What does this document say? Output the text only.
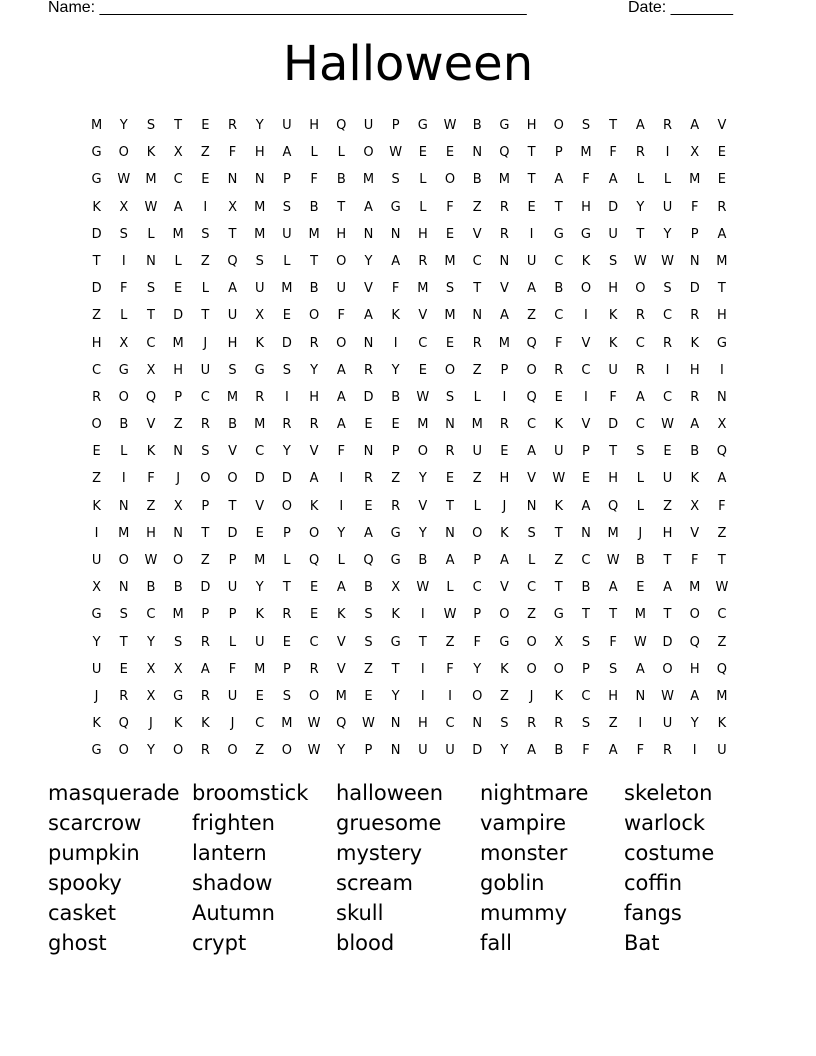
Name: ________________________________________________	Date: _______
Halloween
M	Y	S	T	E	R	Y	U	H	Q	U	P	G	W	B	G	H	O	S	T	A	R	A	V
G	O	K	X	Z	F	H	A	L	L	O	W	E	E	N	Q	T	P	M	F	R	I	X	E
G	W	M	C	E	N	N	P	F	B	M	S	L	O	B	M	T	A	F	A	L	L	M	E
K	X	W	A	I	X	M	S	B	T	A	G	L	F	Z	R	E	T	H	D	Y	U	F	R
D	S	L	M	S	T	M	U	M	H	N	N	H	E	V	R	I	G	G	U	T	Y	P	A
T	I	N	L	Z	Q	S	L	T	O	Y	A	R	M	C	N	U	C	K	S	W	W	N	M
D	F	S	E	L	A	U	M	B	U	V	F	M	S	T	V	A	B	O	H	O	S	D	T
Z	L	T	D	T	U	X	E	O	F	A	K	V	M	N	A	Z	C	I	K	R	C	R	H
H	X	C	M	J	H	K	D	R	O	N	I	C	E	R	M	Q	F	V	K	C	R	K	G
C	G	X	H	U	S	G	S	Y	A	R	Y	E	O	Z	P	O	R	C	U	R	I	H	I
R	O	Q	P	C	M	R	I	H	A	D	B	W	S	L	I	Q	E	I	F	A	C	R	N
O	B	V	Z	R	B	M	R	R	A	E	E	M	N	M	R	C	K	V	D	C	W	A	X
E	L	K	N	S	V	C	Y	V	F	N	P	O	R	U	E	A	U	P	T	S	E	B	Q
Z	I	F	J	O	O	D	D	A	I	R	Z	Y	E	Z	H	V	W	E	H	L	U	K	A
K	N	Z	X	P	T	V	O	K	I	E	R	V	T	L	J	N	K	A	Q	L	Z	X	F
I	M	H	N	T	D	E	P	O	Y	A	G	Y	N	O	K	S	T	N	M	J	H	V	Z
U	O	W	O	Z	P	M	L	Q	L	Q	G	B	A	P	A	L	Z	C	W	B	T	F	T
X	N	B	B	D	U	Y	T	E	A	B	X	W	L	C	V	C	T	B	A	E	A	M	W
G	S	C	M	P	P	K	R	E	K	S	K	I	W	P	O	Z	G	T	T	M	T	O	C
Y	T	Y	S	R	L	U	E	C	V	S	G	T	Z	F	G	O	X	S	F	W	D	Q	Z
U	E	X	X	A	F	M	P	R	V	Z	T	I	F	Y	K	O	O	P	S	A	O	H	Q
J	R	X	G	R	U	E	S	O	M	E	Y	I	I	O	Z	J	K	C	H	N	W	A	M
K	Q	J	K	K	J	C	M	W	Q	W	N	H	C	N	S	R	R	S	Z	I	U	Y	K
G	O	Y	O	R	O	Z	O	W	Y	P	N	U	U	D	Y	A	B	F	A	F	R	I	U
masquerade broomstick	halloween	nightmare	skeleton
scarcrow	frighten	gruesome	vampire	warlock
pumpkin	lantern	mystery	monster	costume
spooky	shadow	scream	goblin	coffin
casket	Autumn	skull	mummy	fangs
ghost	crypt	blood	fall	Bat
